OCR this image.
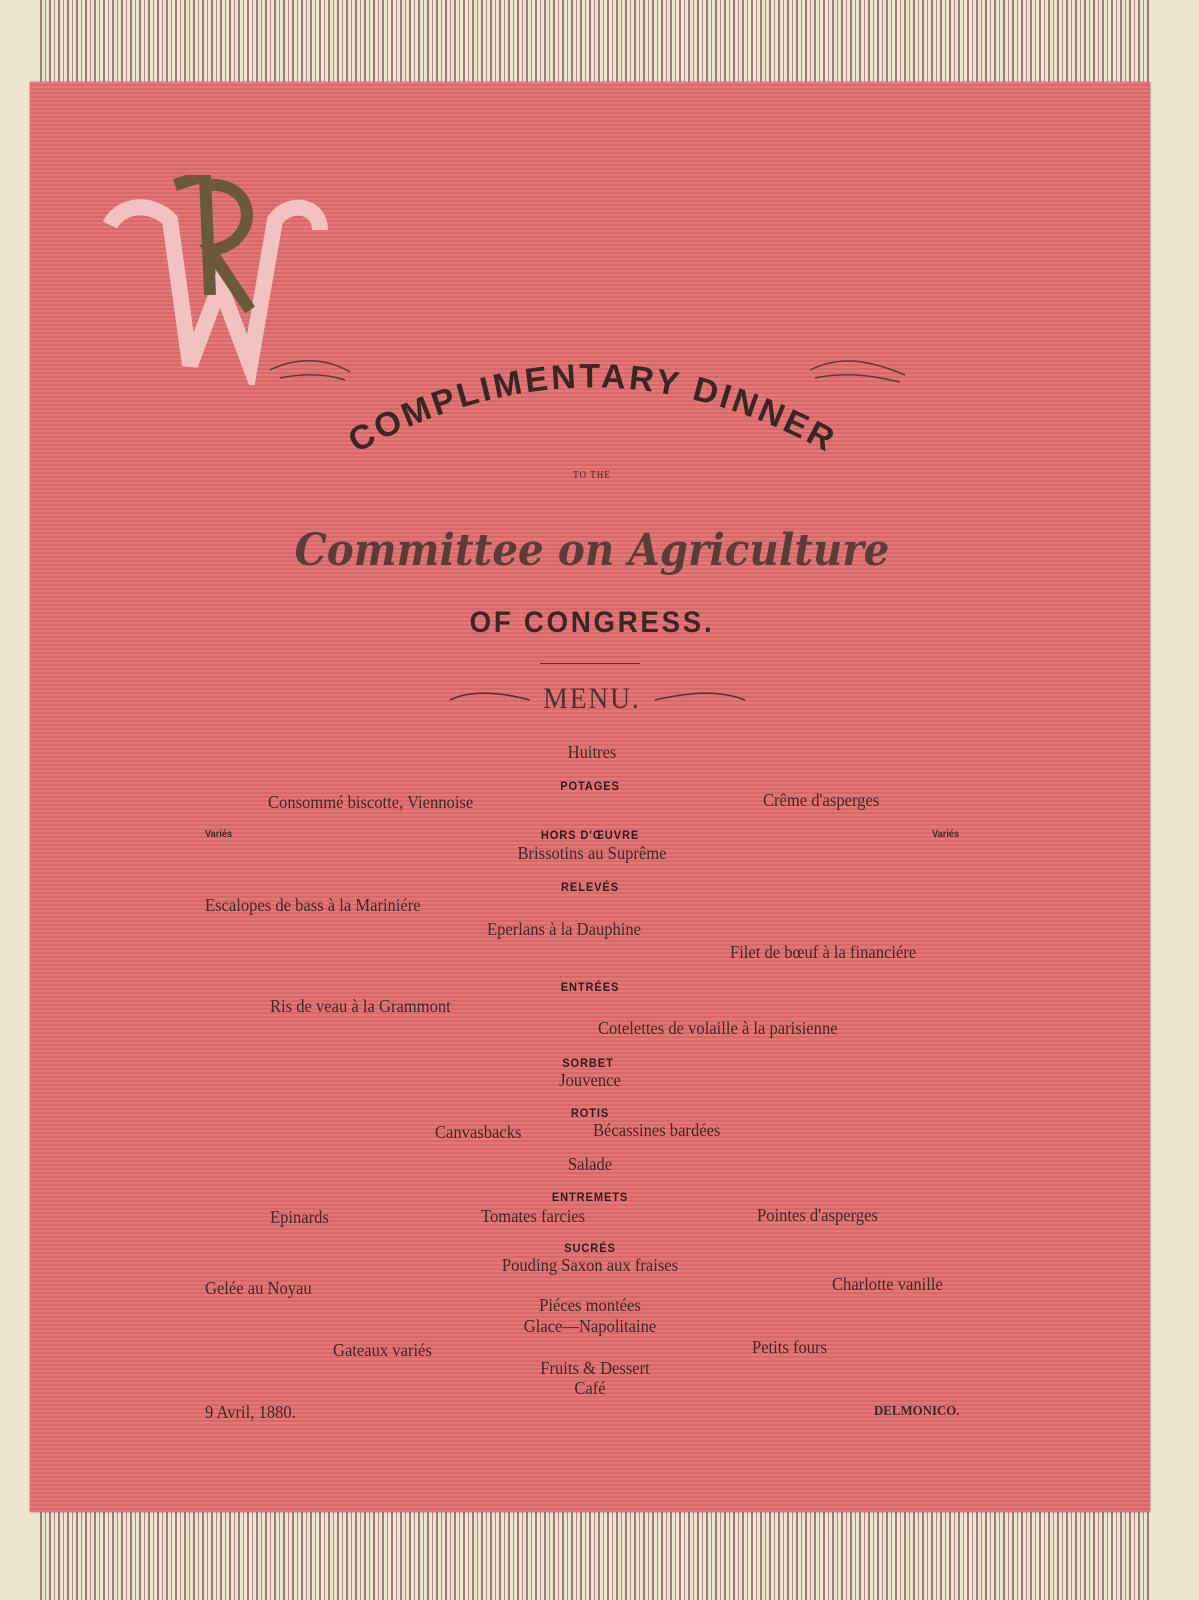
COMPLIMENTARY DINNER
TO THE
Committee on Agriculture
OF CONGRESS.
MENU.
Huitres
POTAGES
Consommé biscotte, Viennoise	Crême d'asperges
Variés	HORS D'ŒUVRE	Variés
Brissotins au Suprême
RELEVÉS
Escalopes de bass à la Mariniére
Eperlans à la Dauphine
Filet de bœuf à la financiére
ENTRÉES
Ris de veau à la Grammont
Cotelettes de volaille à la parisienne
SORBET
Jouvence
ROTIS
Canvasbacks	Bécassines bardées
Salade
ENTREMETS
Epinards	Tomates farcies	Pointes d'asperges
SUCRÉS
Pouding Saxon aux fraises
Gelée au Noyau	Charlotte vanille
Piéces montées
Glace—Napolitaine
Gateaux variés	Petits fours
Fruits & Dessert
Café
9 Avril, 1880.	DELMONICO.
